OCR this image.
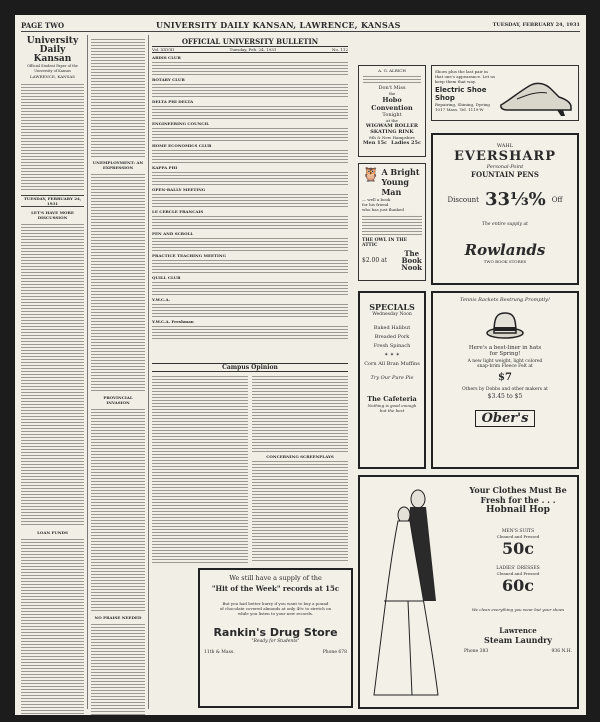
PAGE TWO	UNIVERSITY DAILY KANSAN, LAWRENCE, KANSAS	TUESDAY, FEBRUARY 24, 1931
University Daily Kansan
Official Student Paper of the University of Kansas
LAWRENCE, KANSAS
TUESDAY, FEBRUARY 24, 1931
LET'S HAVE MORE DISCUSSION
LOAN FUNDS
UNEMPLOYMENT: AN EXPRESSION
PROVINCIAL INVASION
NO PRAISE NEEDED
OFFICIAL UNIVERSITY BULLETIN
Vol. XXVIII	Tuesday, Feb. 24, 1931	No. 112
ARDIS CLUB
ROTARY CLUB
DELTA PHI DELTA
ENGINEERING COUNCIL
HOME ECONOMICS CLUB
KAPPA PHI
OPEN-RALLY MEETING
LE CERCLE FRANCAIS
PEN AND SCROLL
PRACTICE TEACHING MEETING
QUILL CLUB
Y.W.C.A.
Y.W.C.A. Freshman
Campus Opinion
CONCERNING SCREENPLAYS
We still have a supply of the
"Hit of the Week" records at 15c
But you had better hurry if you want to buy a pound
of chocolate covered almonds at only 49c to stretch on
while you listen to your new records.
Rankin's Drug Store
"Ready for Students"
11th & Mass.	Phone 678
A. G. ALRICH
Don't Miss
the
Hobo Convention
Tonight
at the
WIGWAM ROLLER SKATING RINK
8th & New Hampshire
Men 15c Ladies 25c
Shoes plus the last pair in that one's appearance. Let us keep them that way.
Electric Shoe Shop
Repairing, Shining, Dyeing
1017 Mass. Tel. 1119-W
🦉 A Bright
Young Man
— well a book
for his friend
who has just flunked
THE OWL IN THE ATTIC
$2.00 at
The
Book
Nook
WAHL
EVERSHARP
Personal-Point
FOUNTAIN PENS
Discount 33⅓% Off
The entire supply at
Rowlands
TWO BOOK STORES
SPECIALS
Wednesday Noon
Baked Halibut
Breaded Pork
Fresh Spinach
✶ ✶ ✶
Corn All Bran Muffins
Try Our Pure Pie
The Cafeteria
Nothing is good enough
but the best
Tennis Rackets Restrung Promptly!
Here's a best-liner in hats
for Spring!
A new light weight, light colored
snap-brim Fleece Felt at
$7
Others by Dobbs and other makers at
$3.45 to $5
Ober's
Your Clothes Must Be
Fresh for the . . .
Hobnail Hop
MEN'S SUITS
Cleaned and Pressed
50c
LADIES' DRESSES
Cleaned and Pressed
60c
We clean everything you wear but your shoes
Lawrence
Steam Laundry
Phone 383	936 N.H.
